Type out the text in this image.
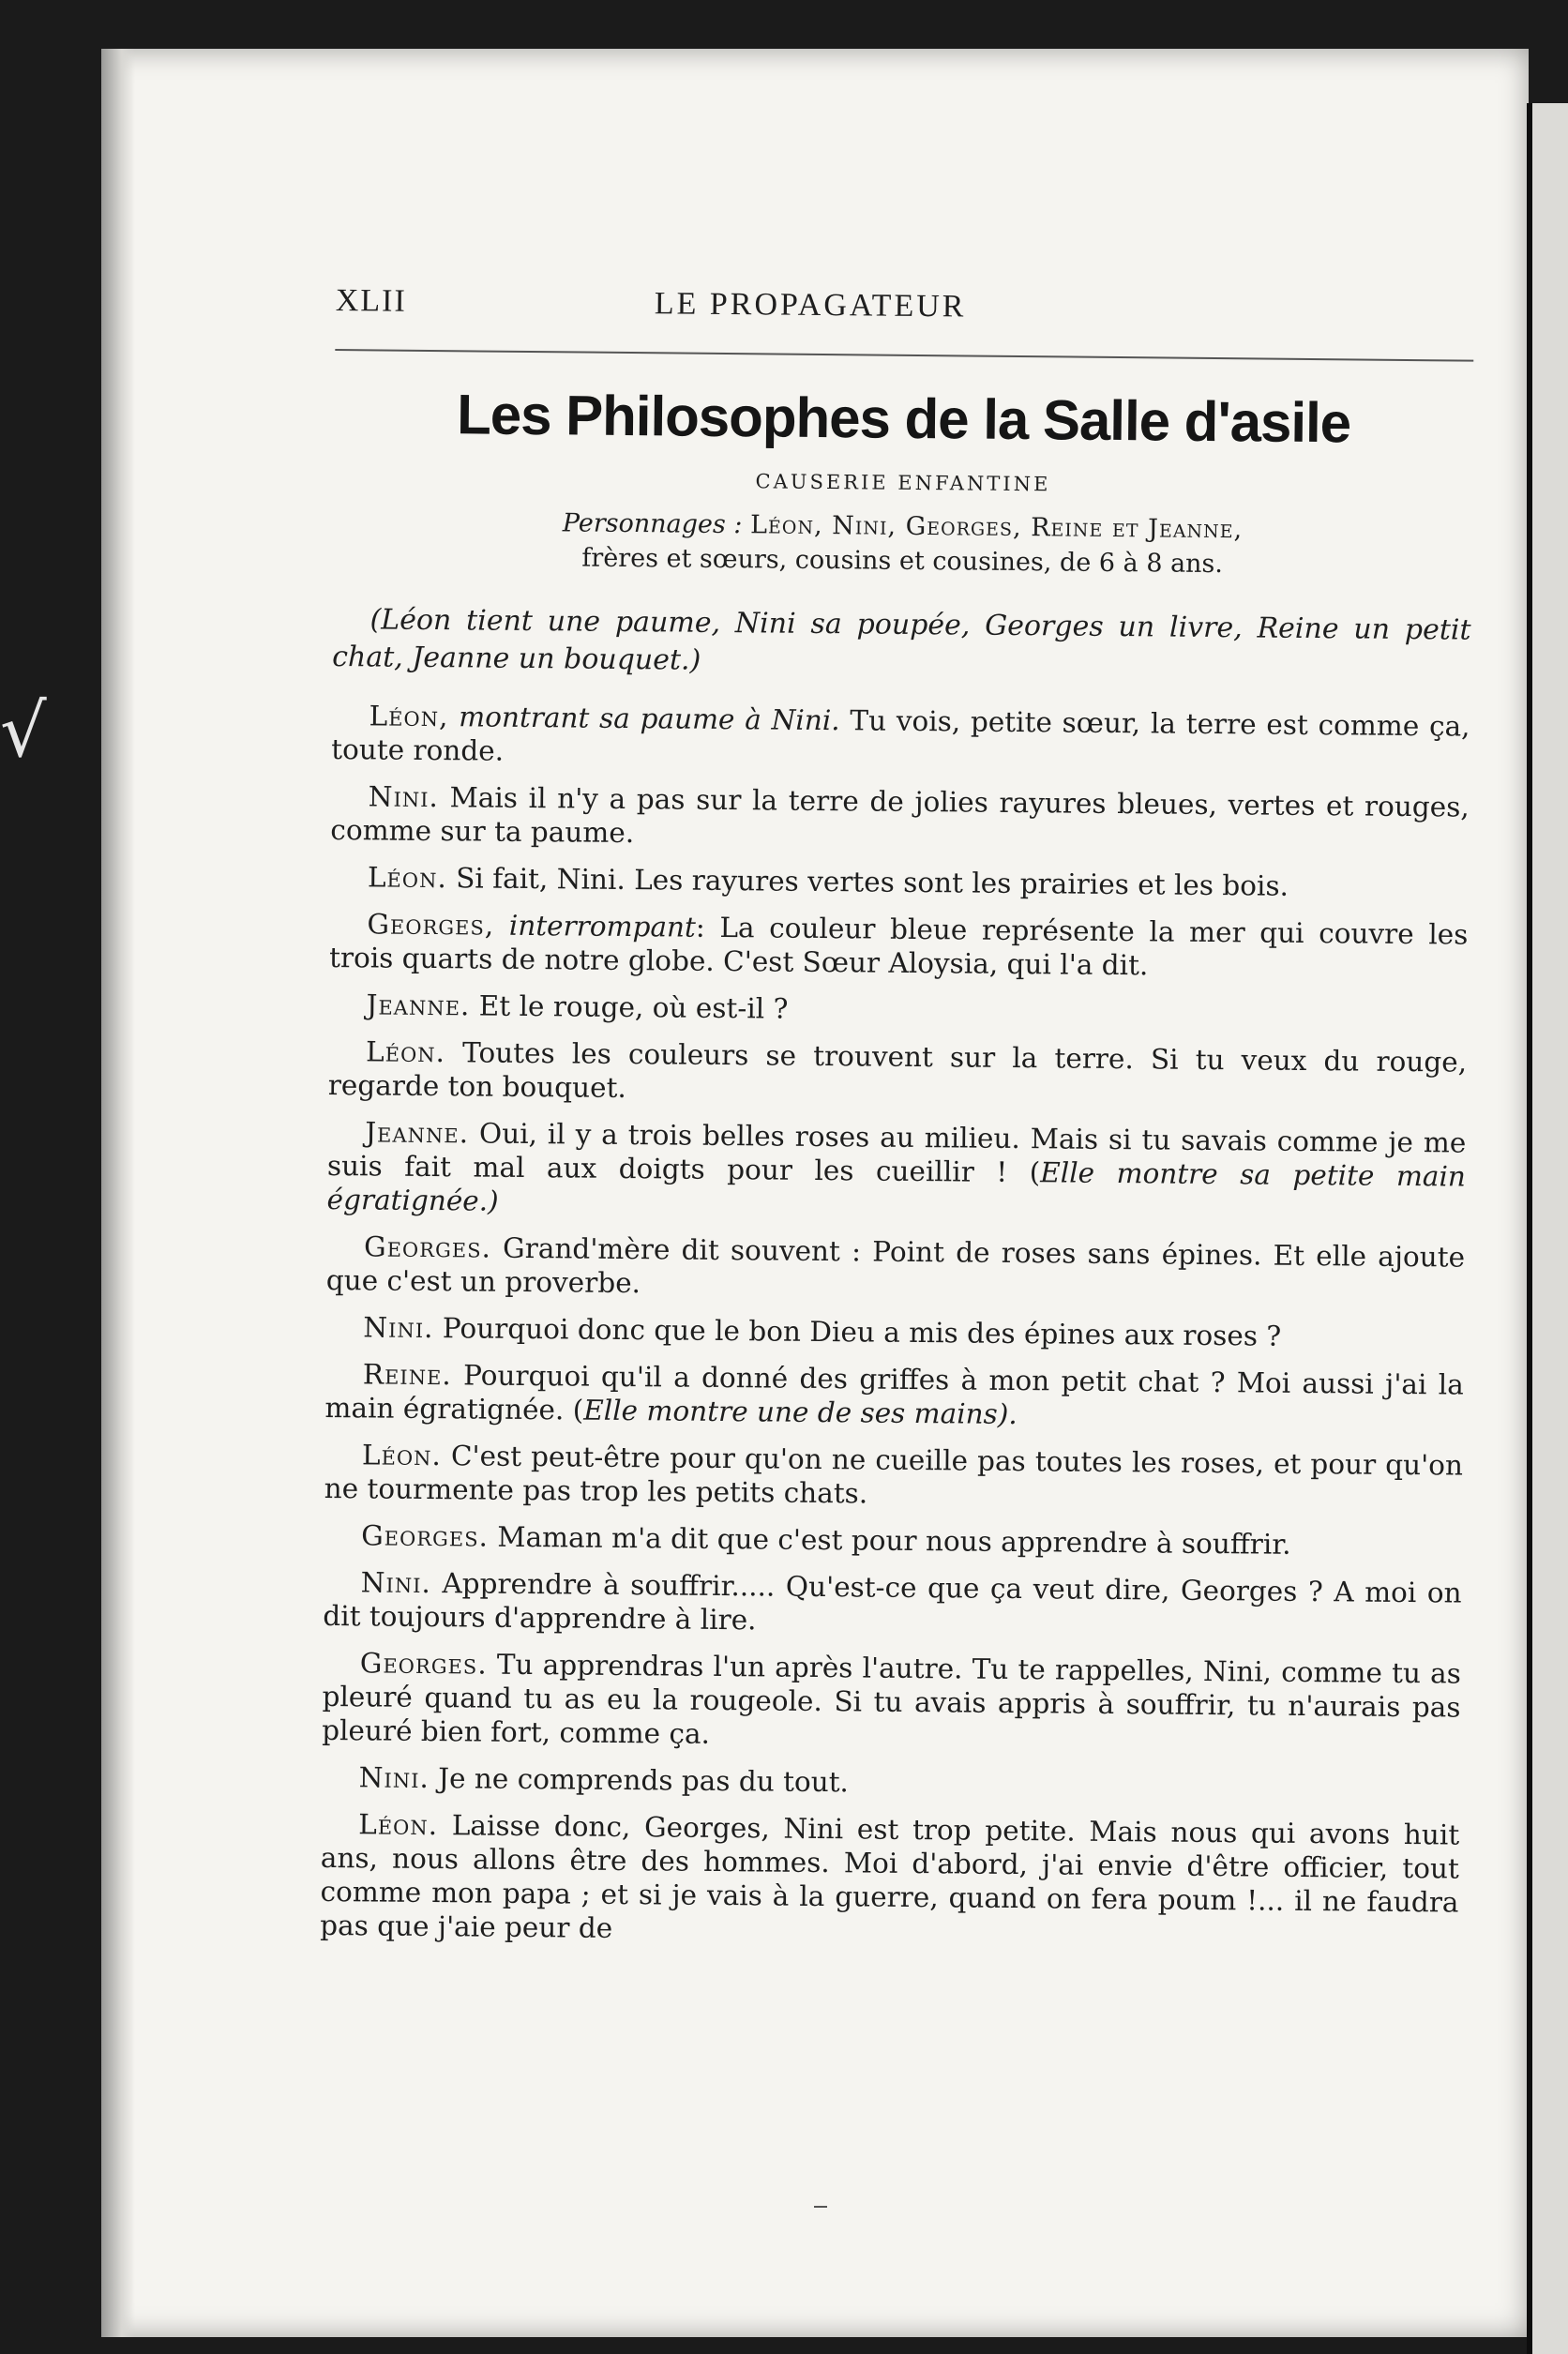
XLII	LE PROPAGATEUR
Les Philosophes de la Salle d'asile
CAUSERIE ENFANTINE
Personnages : Léon, Nini, Georges, Reine et Jeanne,
frères et sœurs, cousins et cousines, de 6 à 8 ans.
(Léon tient une paume, Nini sa poupée, Georges un livre, Reine un petit chat, Jeanne un bouquet.)

Léon, montrant sa paume à Nini. Tu vois, petite sœur, la terre est comme ça, toute ronde.

Nini. Mais il n'y a pas sur la terre de jolies rayures bleues, vertes et rouges, comme sur ta paume.

Léon. Si fait, Nini. Les rayures vertes sont les prairies et les bois.

Georges, interrompant: La couleur bleue représente la mer qui couvre les trois quarts de notre globe. C'est Sœur Aloysia, qui l'a dit.

Jeanne. Et le rouge, où est-il ?

Léon. Toutes les couleurs se trouvent sur la terre. Si tu veux du rouge, regarde ton bouquet.

Jeanne. Oui, il y a trois belles roses au milieu. Mais si tu savais comme je me suis fait mal aux doigts pour les cueillir ! (Elle montre sa petite main égratignée.)

Georges. Grand'mère dit souvent : Point de roses sans épines. Et elle ajoute que c'est un proverbe.

Nini. Pourquoi donc que le bon Dieu a mis des épines aux roses ?

Reine. Pourquoi qu'il a donné des griffes à mon petit chat ? Moi aussi j'ai la main égratignée. (Elle montre une de ses mains).

Léon. C'est peut-être pour qu'on ne cueille pas toutes les roses, et pour qu'on ne tourmente pas trop les petits chats.

Georges. Maman m'a dit que c'est pour nous apprendre à souffrir.

Nini. Apprendre à souffrir..... Qu'est-ce que ça veut dire, Georges ? A moi on dit toujours d'apprendre à lire.

Georges. Tu apprendras l'un après l'autre. Tu te rappelles, Nini, comme tu as pleuré quand tu as eu la rougeole. Si tu avais appris à souffrir, tu n'aurais pas pleuré bien fort, comme ça.

Nini. Je ne comprends pas du tout.

Léon. Laisse donc, Georges, Nini est trop petite. Mais nous qui avons huit ans, nous allons être des hommes. Moi d'abord, j'ai envie d'être officier, tout comme mon papa ; et si je vais à la guerre, quand on fera poum !... il ne faudra pas que j'aie peur de

√
